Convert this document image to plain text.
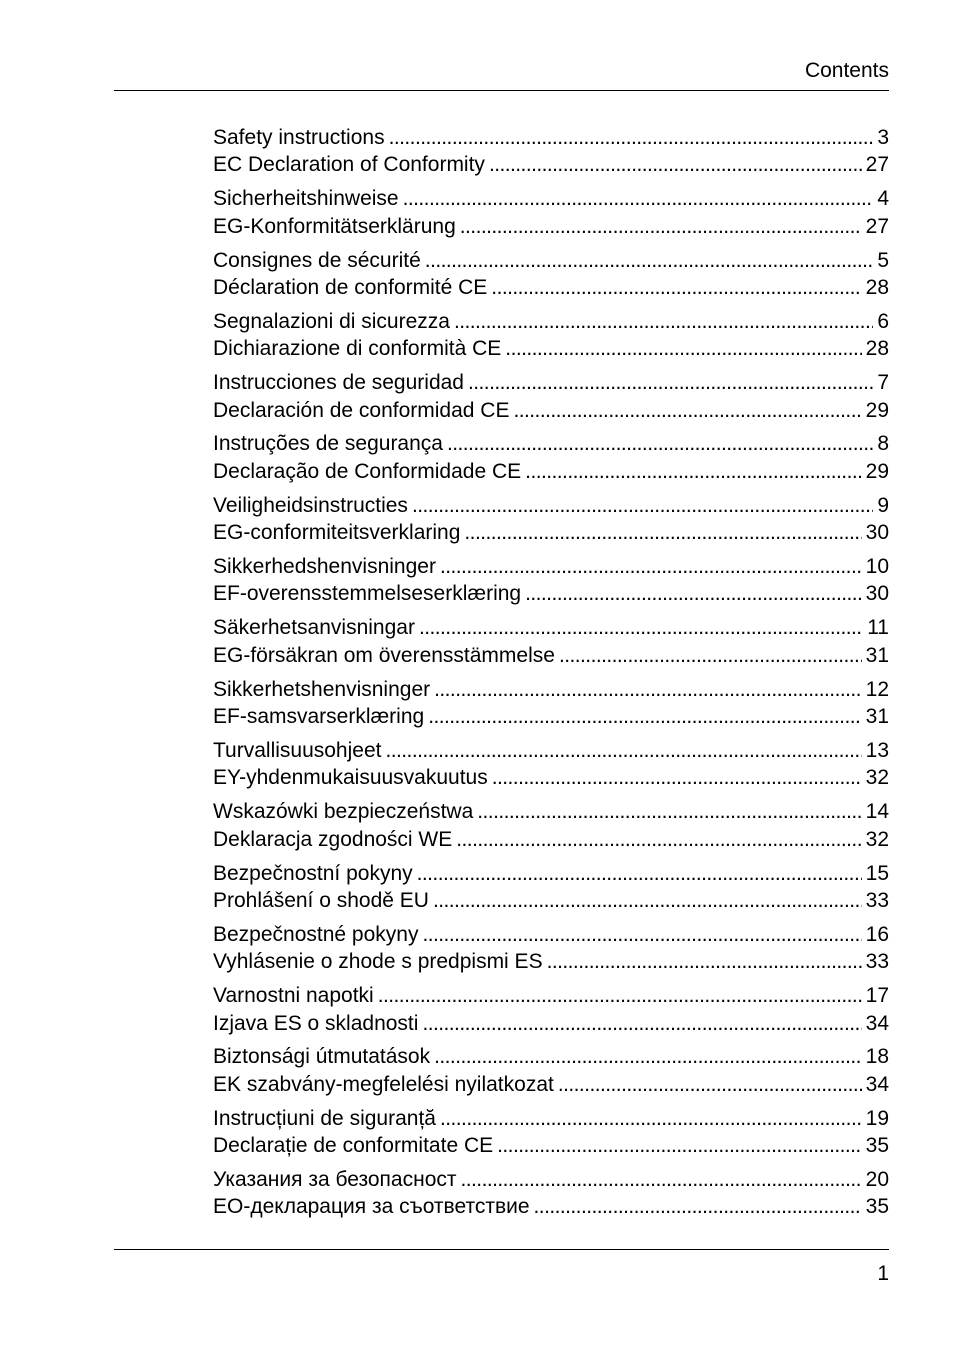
Contents
Safety instructions . . .	3
EC Declaration of Conformity . . .	27
Sicherheitshinweise . . .	4
EG-Konformitätserklärung . . .	27
Consignes de sécurité . . .	5
Déclaration de conformité CE . . .	28
Segnalazioni di sicurezza . . .	6
Dichiarazione di conformità CE . . .	28
Instrucciones de seguridad . . .	7
Declaración de conformidad CE . . .	29
Instruções de segurança . . .	8
Declaração de Conformidade CE . . .	29
Veiligheidsinstructies . . .	9
EG-conformiteitsverklaring . . .	30
Sikkerhedshenvisninger . . .	10
EF-overensstemmelseserklæring . . .	30
Säkerhetsanvisningar . . .	11
EG-försäkran om överensstämmelse . . .	31
Sikkerhetshenvisninger . . .	12
EF-samsvarserklæring . . .	31
Turvallisuusohjeet . . .	13
EY-yhdenmukaisuusvakuutus . . .	32
Wskazówki bezpieczeństwa . . .	14
Deklaracja zgodności WE . . .	32
Bezpečnostní pokyny . . .	15
Prohlášení o shodě EU . . .	33
Bezpečnostné pokyny . . .	16
Vyhlásenie o zhode s predpismi ES . . .	33
Varnostni napotki . . .	17
Izjava ES o skladnosti . . .	34
Biztonsági útmutatások . . .	18
EK szabvány-megfelelési nyilatkozat . . .	34
Instrucțiuni de siguranță . . .	19
Declarație de conformitate CE . . .	35
Указания за безопасност . . .	20
ЕО-декларация за съответствие . . .	35
1
